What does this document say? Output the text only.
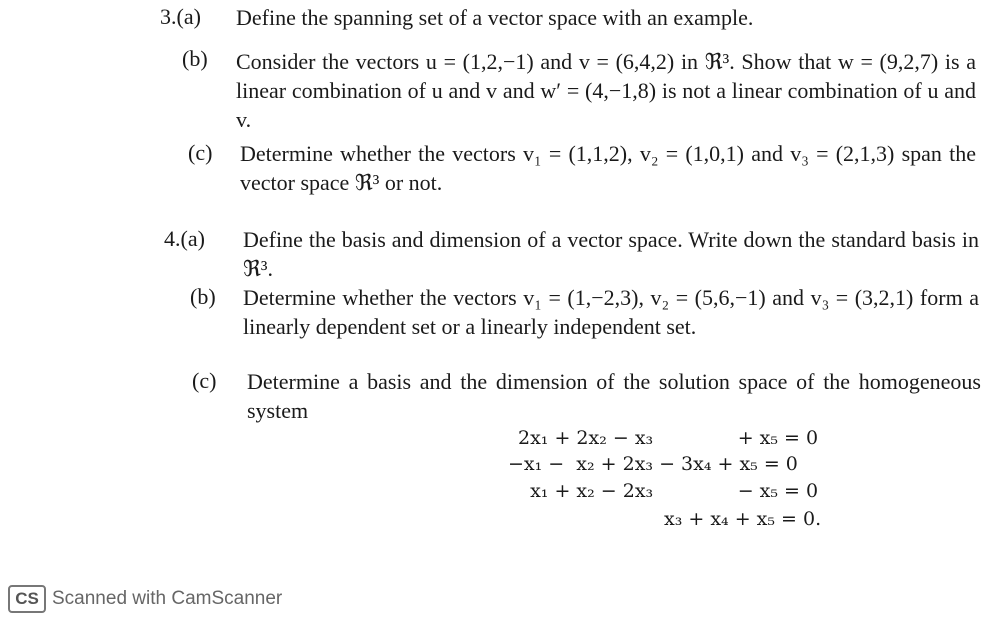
3.(a) Define the spanning set of a vector space with an example.
(b) Consider the vectors u = (1,2,−1) and v = (6,4,2) in ℜ³. Show that w = (9,2,7) is a linear combination of u and v and w′ = (4,−1,8) is not a linear combination of u and v.
(c) Determine whether the vectors v₁ = (1,1,2), v₂ = (1,0,1) and v₃ = (2,1,3) span the vector space ℜ³ or not.
4.(a) Define the basis and dimension of a vector space. Write down the standard basis in ℜ³.
(b) Determine whether the vectors v₁ = (1,−2,3), v₂ = (5,6,−1) and v₃ = (3,2,1) form a linearly dependent set or a linearly independent set.
(c) Determine a basis and the dimension of the solution space of the homogeneous system
2x₁ + 2x₂ − x₃              + x₅ = 0
−x₁ −  x₂ + 2x₃ − 3x₄ + x₅ = 0
x₁ + x₂ − 2x₃              − x₅ = 0
x₃ + x₄ + x₅ = 0.
CS Scanned with CamScanner
